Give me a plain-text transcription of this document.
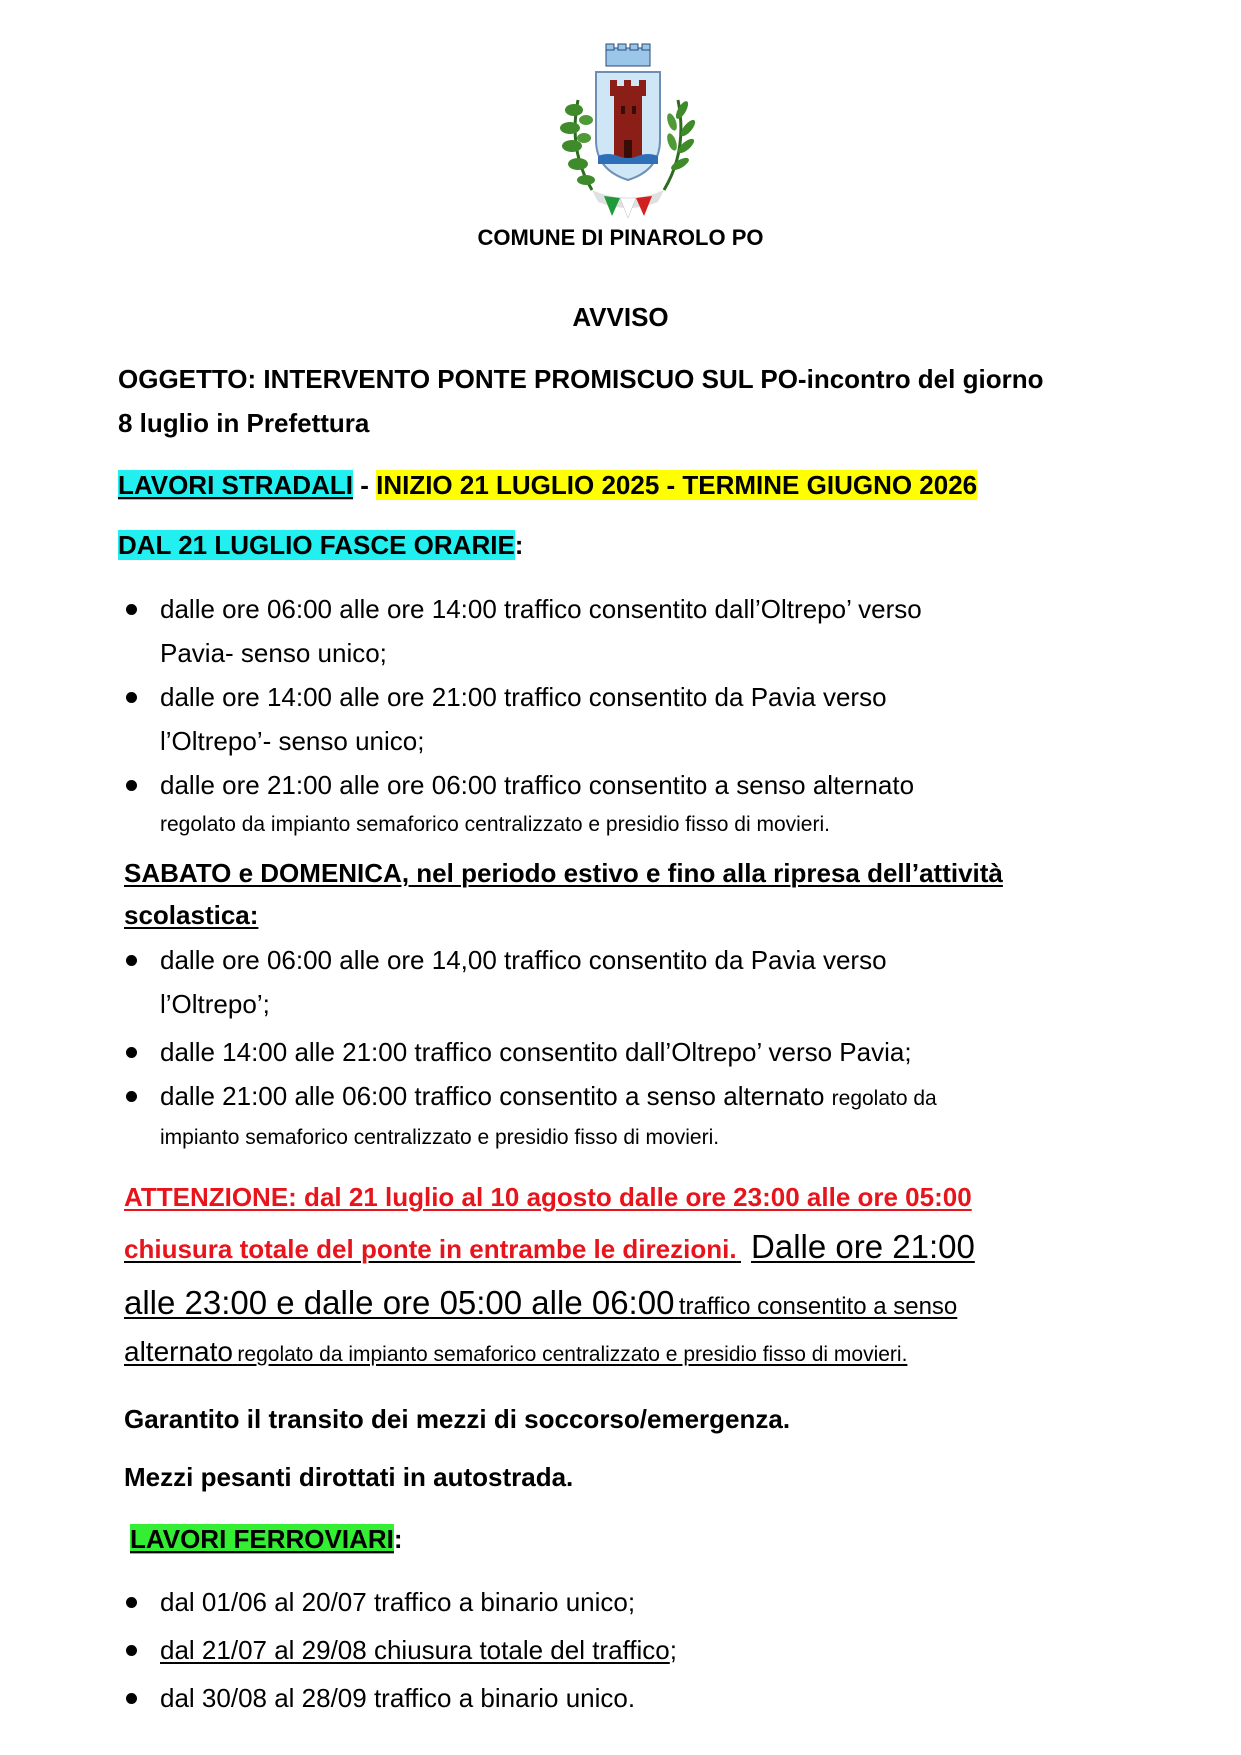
COMUNE DI PINAROLO PO
AVVISO
OGGETTO: INTERVENTO PONTE PROMISCUO SUL PO-incontro del giorno
8 luglio in Prefettura
LAVORI STRADALI - INIZIO 21 LUGLIO 2025 - TERMINE GIUGNO 2026
DAL 21 LUGLIO FASCE ORARIE:
dalle ore 06:00 alle ore 14:00 traffico consentito dall’Oltrepo’ verso
Pavia- senso unico;
dalle ore 14:00 alle ore 21:00 traffico consentito da Pavia verso
l’Oltrepo’- senso unico;
dalle ore 21:00 alle ore 06:00 traffico consentito a senso alternato
regolato da impianto semaforico centralizzato e presidio fisso di movieri.
SABATO e DOMENICA, nel periodo estivo e fino alla ripresa dell’attività
scolastica:
dalle ore 06:00 alle ore 14,00 traffico consentito da Pavia verso
l’Oltrepo’;
dalle 14:00 alle 21:00 traffico consentito dall’Oltrepo’ verso Pavia;
dalle 21:00 alle 06:00 traffico consentito a senso alternato regolato da
impianto semaforico centralizzato e presidio fisso di movieri.
ATTENZIONE: dal 21 luglio al 10 agosto dalle ore 23:00 alle ore 05:00
chiusura totale del ponte in entrambe le direzioni. Dalle ore 21:00
alle 23:00 e dalle ore 05:00 alle 06:00 traffico consentito a senso
alternato regolato da impianto semaforico centralizzato e presidio fisso di movieri.
Garantito il transito dei mezzi di soccorso/emergenza.
Mezzi pesanti dirottati in autostrada.
LAVORI FERROVIARI:
dal 01/06 al 20/07 traffico a binario unico;
dal 21/07 al 29/08 chiusura totale del traffico;
dal 30/08 al 28/09 traffico a binario unico.
